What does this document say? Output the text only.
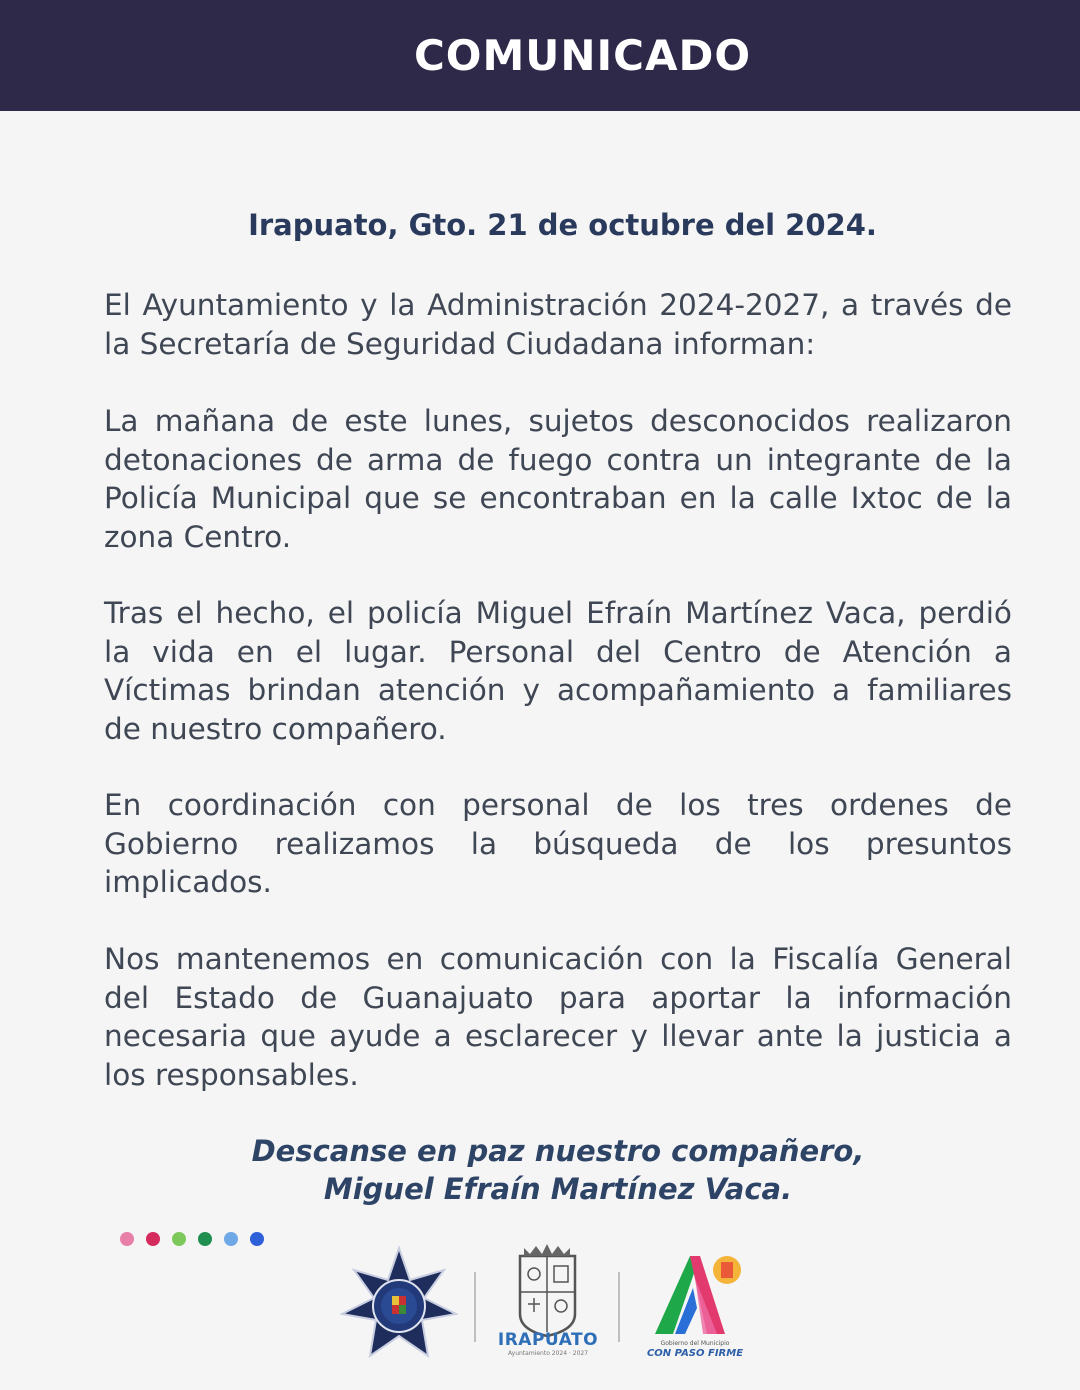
COMUNICADO
Irapuato, Gto. 21 de octubre del 2024.
El Ayuntamiento y la Administración 2024-2027, a través de la Secretaría de Seguridad Ciudadana informan:
La mañana de este lunes, sujetos desconocidos realizaron detonaciones de arma de fuego contra un integrante de la Policía Municipal que se encontraban en la calle Ixtoc de la zona Centro.
Tras el hecho, el policía Miguel Efraín Martínez Vaca, perdió la vida en el lugar. Personal del Centro de Atención a Víctimas brindan atención y acompañamiento a familiares de nuestro compañero.
En coordinación con personal de los tres ordenes de Gobierno realizamos la búsqueda de los presuntos implicados.
Nos mantenemos en comunicación con la Fiscalía General del Estado de Guanajuato para aportar la información necesaria que ayude a esclarecer y llevar ante la justicia a los responsables.
Descanse en paz nuestro compañero,
Miguel Efraín Martínez Vaca.
IRAPUATO
Ayuntamiento 2024 · 2027
Gobierno del Municipio
CON PASO FIRME
